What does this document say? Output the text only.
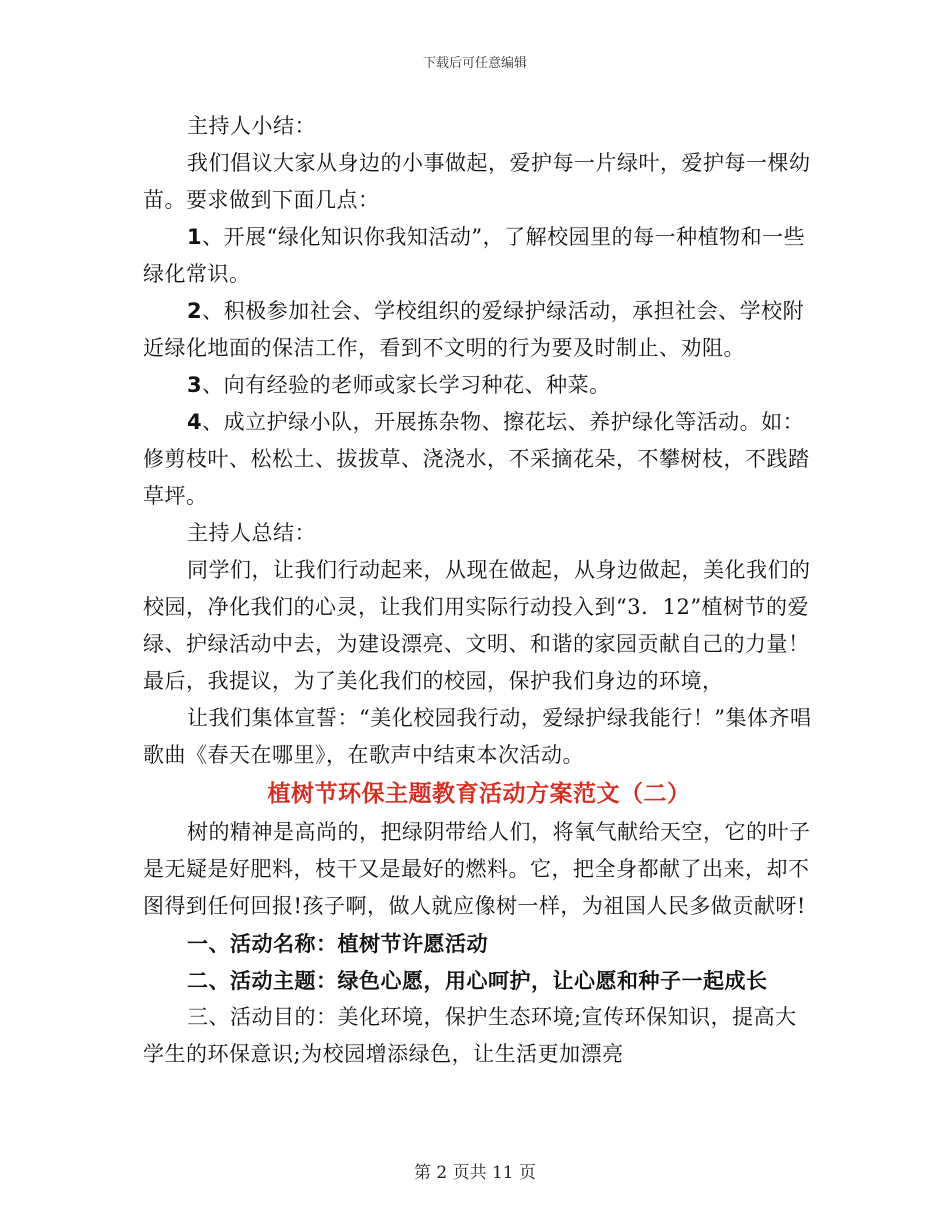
下载后可任意编辑

主持人小结：

我们倡议大家从身边的小事做起，爱护每一片绿叶，爱护每一棵幼苗。要求做到下面几点：

1、开展“绿化知识你我知活动”，了解校园里的每一种植物和一些绿化常识。

2、积极参加社会、学校组织的爱绿护绿活动，承担社会、学校附近绿化地面的保洁工作，看到不文明的行为要及时制止、劝阻。

3、向有经验的老师或家长学习种花、种菜。

4、成立护绿小队，开展拣杂物、擦花坛、养护绿化等活动。如：修剪枝叶、松松土、拔拔草、浇浇水，不采摘花朵，不攀树枝，不践踏草坪。

主持人总结：

同学们，让我们行动起来，从现在做起，从身边做起，美化我们的校园，净化我们的心灵，让我们用实际行动投入到“3．12”植树节的爱绿、护绿活动中去，为建设漂亮、文明、和谐的家园贡献自己的力量！最后，我提议，为了美化我们的校园，保护我们身边的环境，

让我们集体宣誓：“美化校园我行动，爱绿护绿我能行！”集体齐唱歌曲《春天在哪里》，在歌声中结束本次活动。

植树节环保主题教育活动方案范文（二）

树的精神是高尚的，把绿阴带给人们，将氧气献给天空，它的叶子是无疑是好肥料，枝干又是最好的燃料。它，把全身都献了出来，却不图得到任何回报!孩子啊，做人就应像树一样，为祖国人民多做贡献呀!

一、活动名称：植树节许愿活动

二、活动主题：绿色心愿，用心呵护，让心愿和种子一起成长

三、活动目的：美化环境，保护生态环境;宣传环保知识，提高大学生的环保意识;为校园增添绿色，让生活更加漂亮

第 2 页共 11 页
